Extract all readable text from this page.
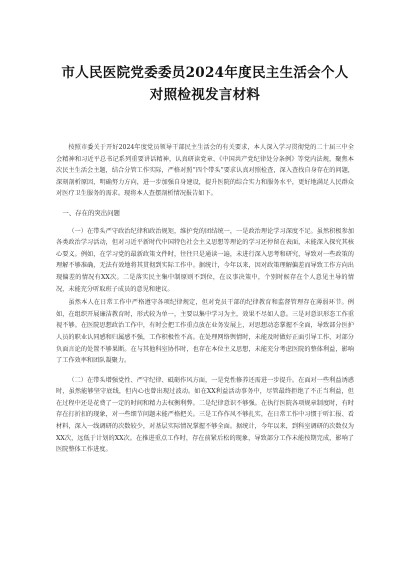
市人民医院党委委员2024年度民主生活会个人对照检视发言材料

按照市委关于开好2024年度党员领导干部民主生活会的有关要求，本人深入学习贯彻党的二十届三中全会精神和习近平总书记系列重要讲话精神，认真研读党章、《中国共产党纪律处分条例》等党内法规，聚焦本次民主生活会主题，结合分管工作实际，严格对照“四个带头”要求认真对照检查，深入查找自身存在的问题，深刻剖析原因，明确努力方向，进一步加强自身建设，提升医院的综合实力和服务水平，更好地满足人民群众对医疗卫生服务的需求。现将本人查摆剖析情况报告如下。

一、存在的突出问题

（一）在带头严守政治纪律和政治规矩，维护党的团结统一，一是政治理论学习深度不足。虽然积极参加各类政治学习活动，但对习近平新时代中国特色社会主义思想等理论的学习还停留在表面，未能深入探究其核心要义。例如，在学习党的最新政策文件时，往往只是通读一遍，未进行深入思考和研究，导致对一些政策的理解不够准确，无法有效地将其贯彻到实际工作中。据统计，今年以来，因对政策理解偏差而导致工作方向出现偏差的情况有XX次。二是落实民主集中制原则不到位，在议事决策中，个别时候存在个人意见主导的情况，未能充分听取班子成员的意见和建议。

虽然本人在日常工作中严格遵守各项纪律规定，但对党员干部的纪律教育和监督管理存在薄弱环节。例如，在组织开展廉洁教育时，形式较为单一，主要以集中学习为主，效果不尽如人意。三是对意识形态工作重视不够。在医院思想政治工作中，有时会把工作重点放在业务发展上，对思想动态掌握不全面，导致部分医护人员的职业认同感和归属感不强，工作积极性不高。在处理网络舆情时，未能及时做好正面引导工作，对部分负面言论的处置不够果断。在与其他科室协作时，也存在本位主义思想，未能充分考虑医院的整体利益，影响了工作效率和团队凝聚力。

（二）在带头增强党性、严守纪律、砥砺作风方面，一是党性修养还需进一步提升。在面对一些利益诱惑时，虽然能够坚守底线，但内心也曾出现过波动。如在XX利益活动事务中，尽管最终拒绝了不正当利益，但在过程中还是花费了一定的时间和精力去权衡利弊。二是纪律意识不够强。在执行医院各项规章制度时，有时存在打折扣的现象，对一些细节问题未能严格把关。三是工作作风不够扎实，在日常工作中习惯于听汇报、看材料，深入一线调研的次数较少，对基层实际情况掌握不够全面。据统计，今年以来，到科室调研的次数仅为XX次，远低于计划的XX次。在推进重点工作时，存在前紧后松的现象，导致部分工作未能按期完成，影响了医院整体工作进度。
